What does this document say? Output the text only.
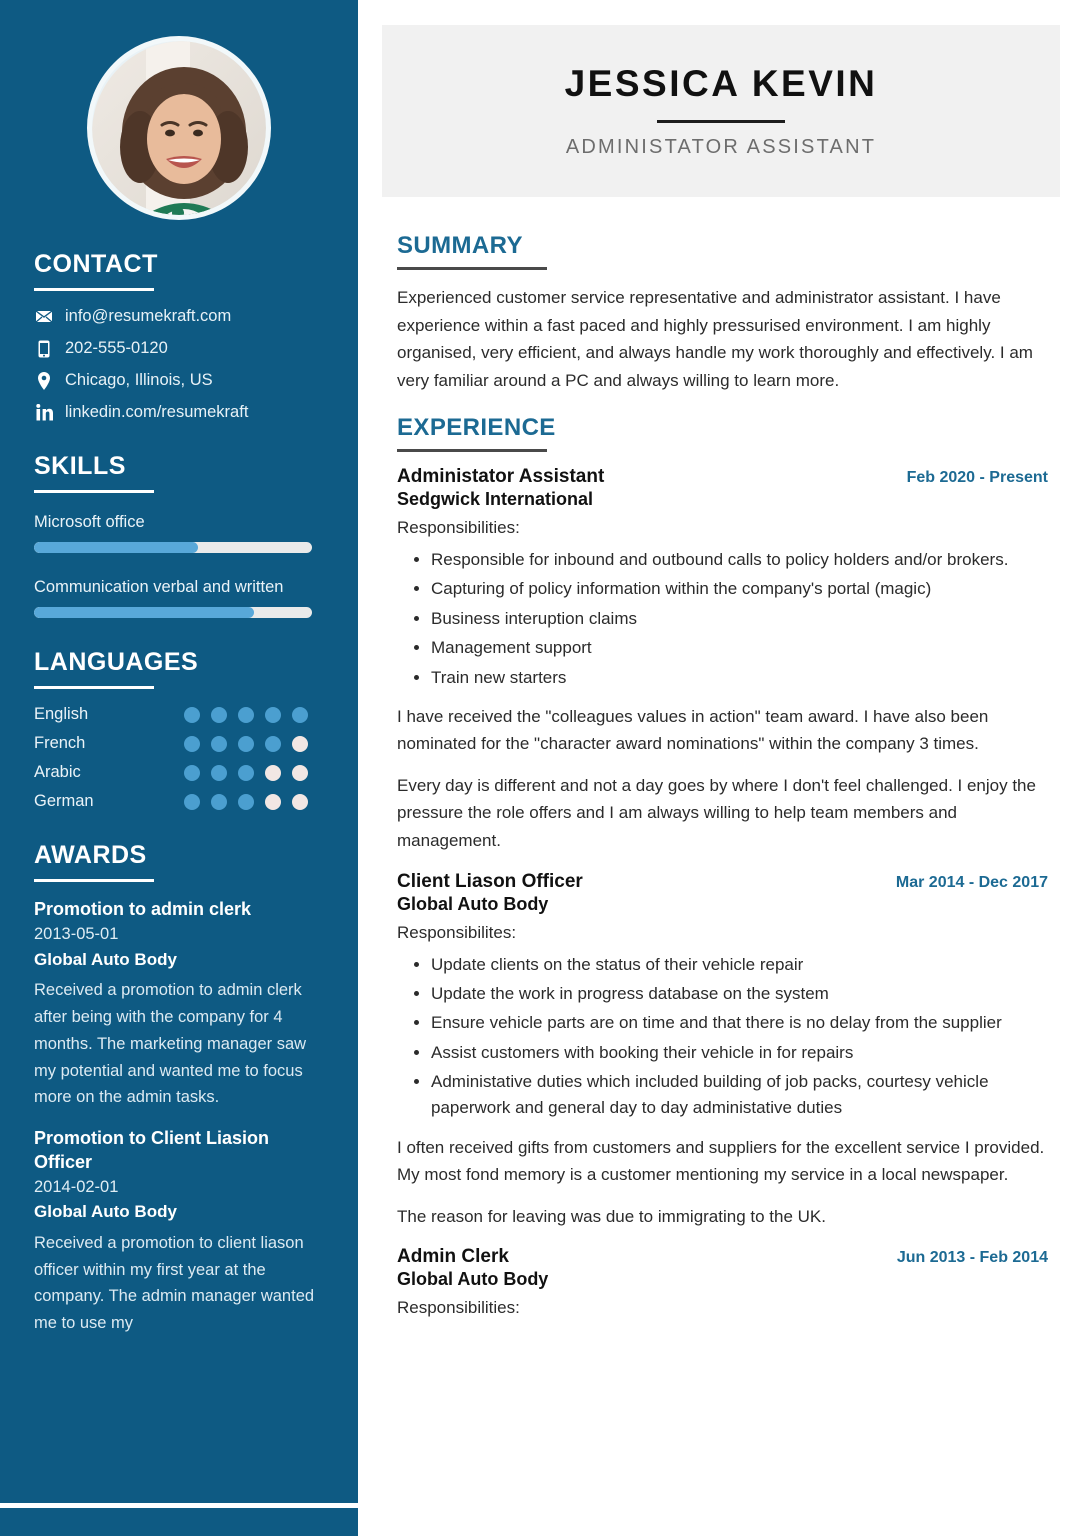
CONTACT
info@resumekraft.com
202-555-0120
Chicago, Illinois, US
linkedin.com/resumekraft
SKILLS
Microsoft office
Communication verbal and written
LANGUAGES
English
French
Arabic
German
AWARDS
Promotion to admin clerk
2013-05-01
Global Auto Body
Received a promotion to admin clerk after being with the company for 4 months. The marketing manager saw my potential and wanted me to focus more on the admin tasks.
Promotion to Client Liasion Officer
2014-02-01
Global Auto Body
Received a promotion to client liason officer within my first year at the company. The admin manager wanted me to use my
JESSICA KEVIN
ADMINISTATOR ASSISTANT
SUMMARY

Experienced customer service representative and administrator assistant. I have experience within a fast paced and highly pressurised environment. I am highly organised, very efficient, and always handle my work thoroughly and effectively. I am very familiar around a PC and always willing to learn more.

EXPERIENCE
Administator Assistant	Feb 2020 - Present
Sedgwick International
Responsibilities:
• Responsible for inbound and outbound calls to policy holders and/or brokers.
• Capturing of policy information within the company's portal (magic)
• Business interuption claims
• Management support
• Train new starters

I have received the "colleagues values in action" team award. I have also been nominated for the "character award nominations" within the company 3 times.

Every day is different and not a day goes by where I don't feel challenged. I enjoy the pressure the role offers and I am always willing to help team members and management.

Client Liason Officer	Mar 2014 - Dec 2017
Global Auto Body
Responsibilites:
• Update clients on the status of their vehicle repair
• Update the work in progress database on the system
• Ensure vehicle parts are on time and that there is no delay from the supplier
• Assist customers with booking their vehicle in for repairs
• Administative duties which included building of job packs, courtesy vehicle paperwork and general day to day administative duties

I often received gifts from customers and suppliers for the excellent service I provided. My most fond memory is a customer mentioning my service in a local newspaper.

The reason for leaving was due to immigrating to the UK.

Admin Clerk	Jun 2013 - Feb 2014
Global Auto Body
Responsibilities:
